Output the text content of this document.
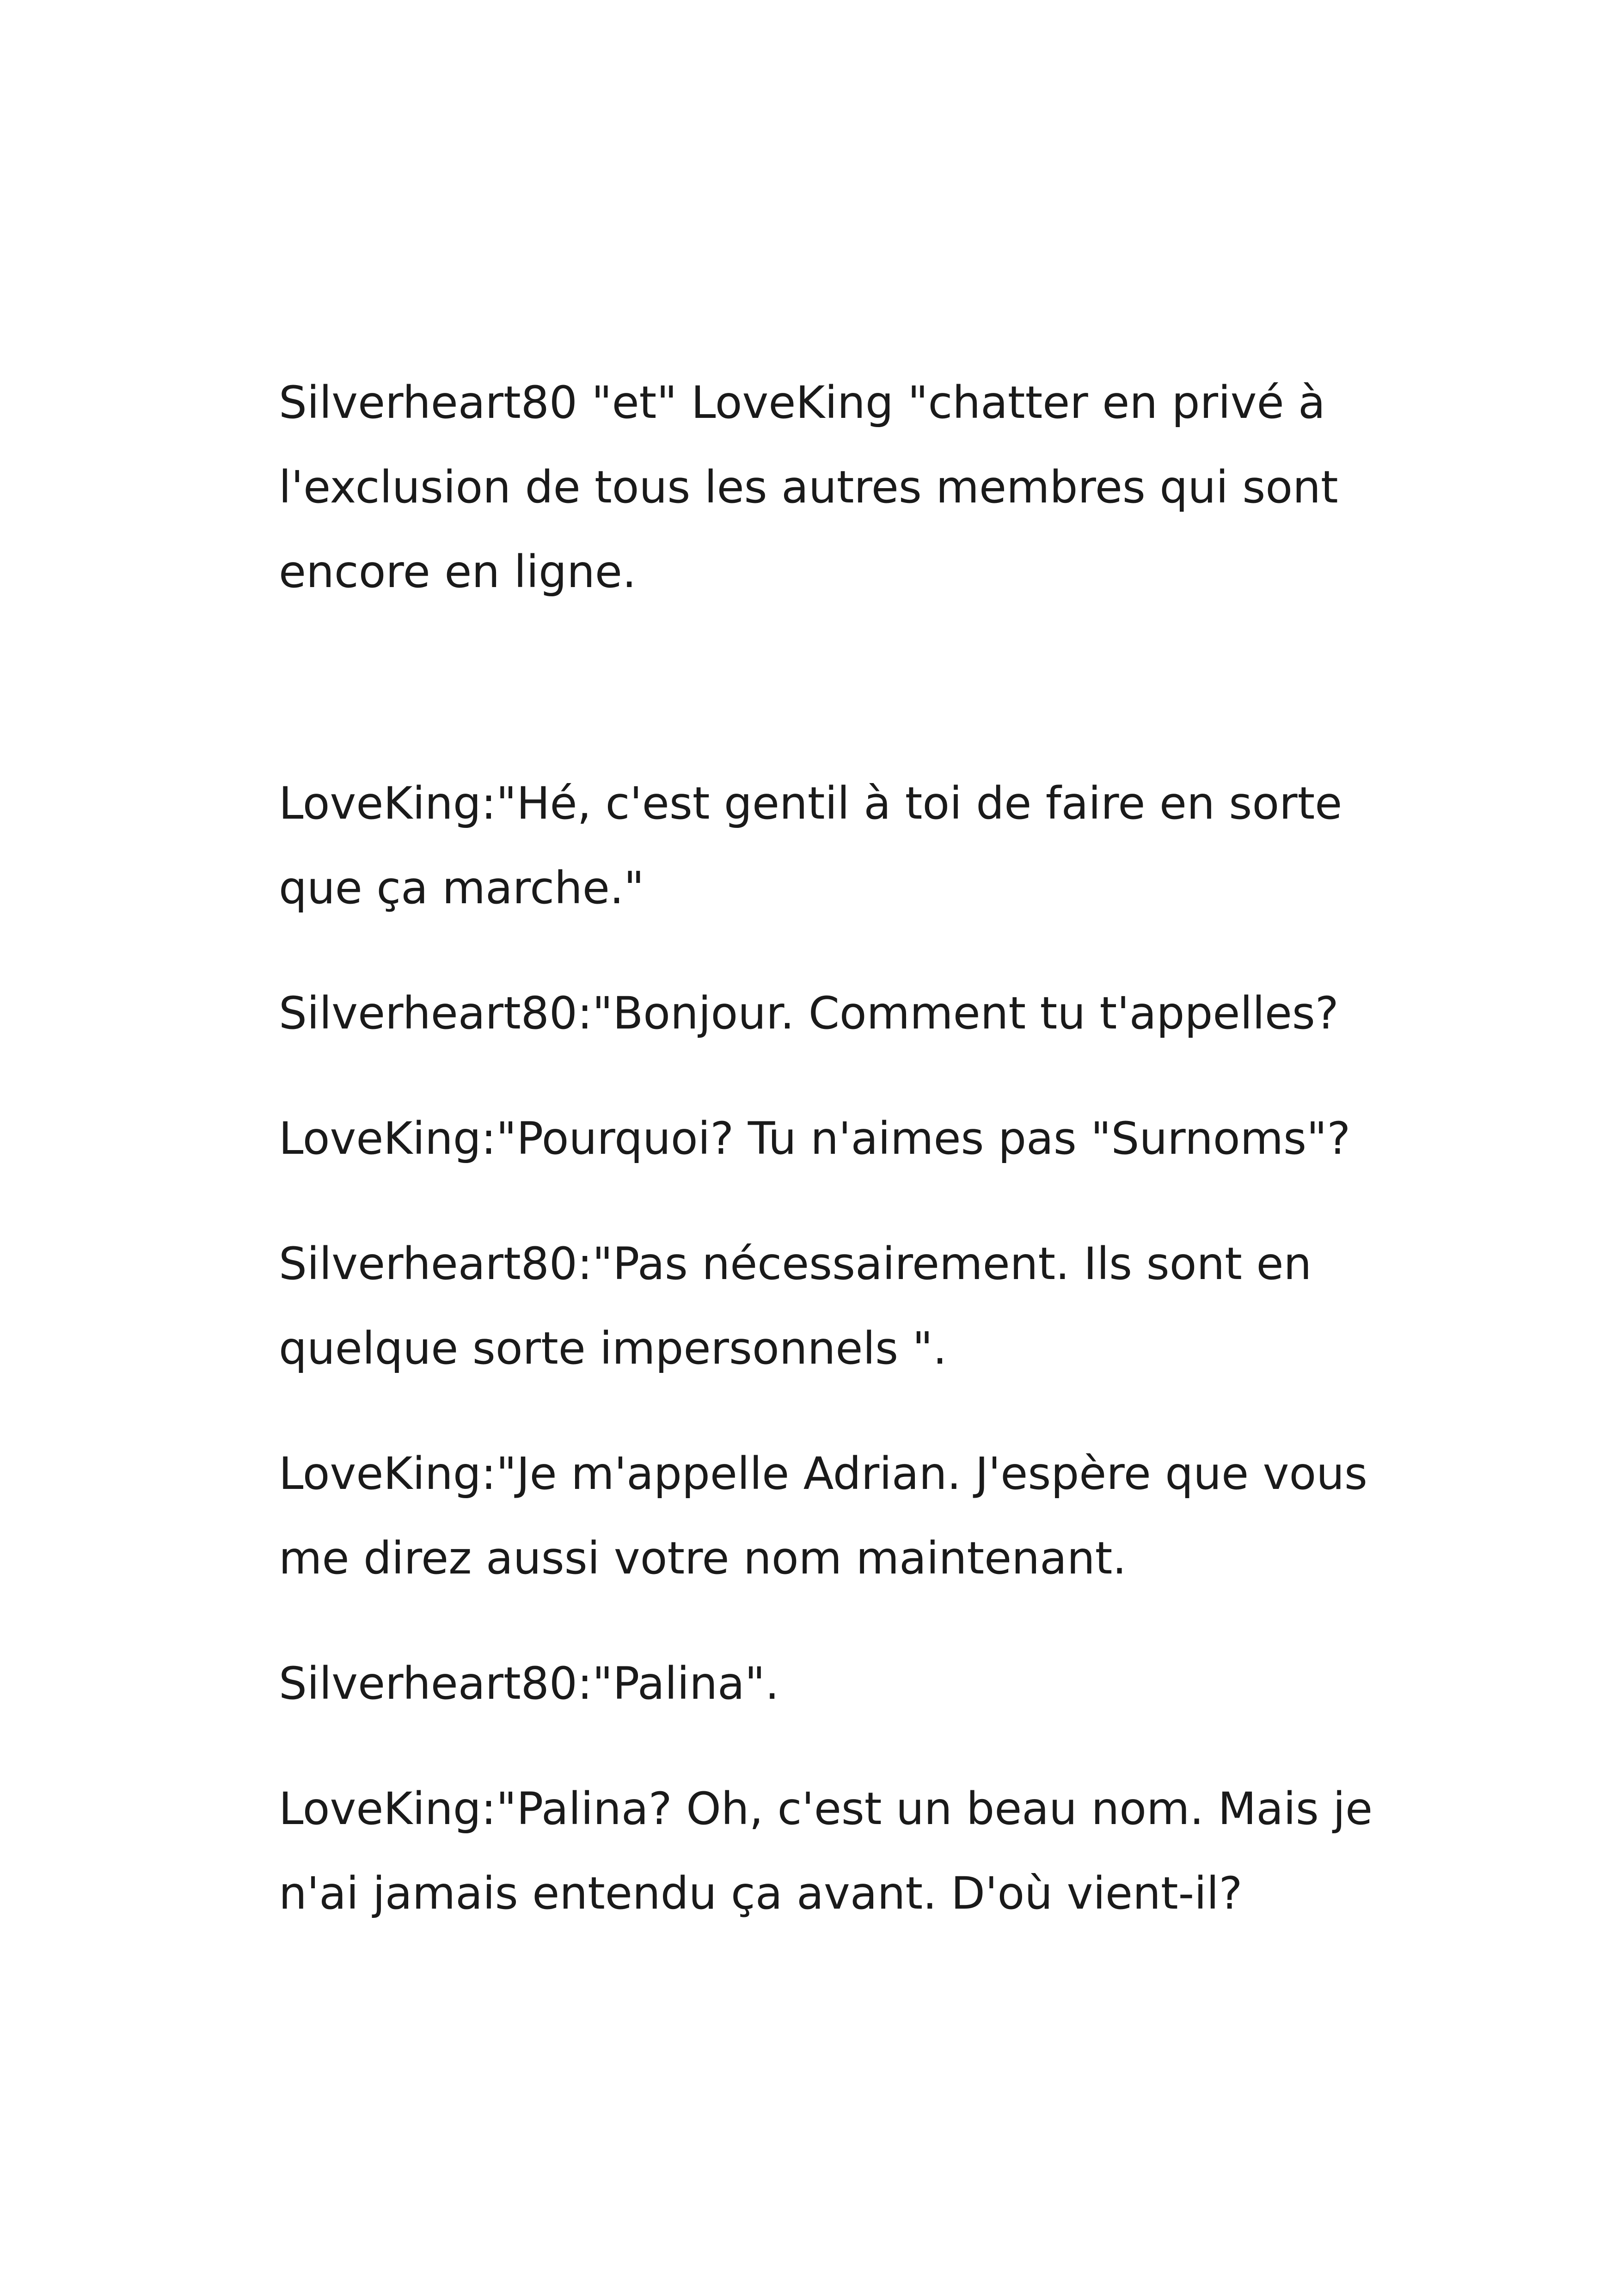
Silverheart80 "et" LoveKing "chatter en privé à l'exclusion de tous les autres membres qui sont encore en ligne.

LoveKing:"Hé, c'est gentil à toi de faire en sorte que ça marche."

Silverheart80:"Bonjour. Comment tu t'appelles?

LoveKing:"Pourquoi? Tu n'aimes pas "Surnoms"?

Silverheart80:"Pas nécessairement. Ils sont en quelque sorte impersonnels ".

LoveKing:"Je m'appelle Adrian. J'espère que vous me direz aussi votre nom maintenant.

Silverheart80:"Palina".

LoveKing:"Palina? Oh, c'est un beau nom. Mais je n'ai jamais entendu ça avant. D'où vient-il?
